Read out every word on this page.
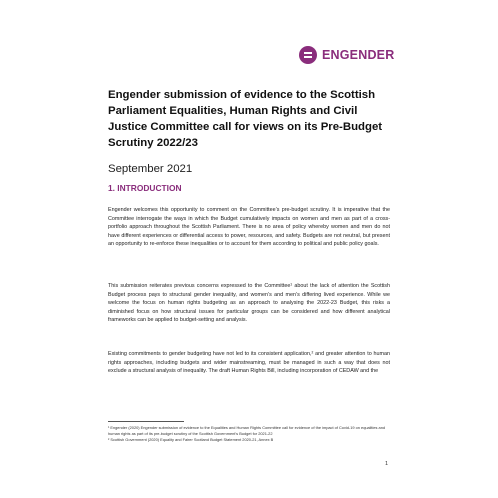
ENGENDER
Engender submission of evidence to the Scottish Parliament Equalities, Human Rights and Civil Justice Committee call for views on its Pre-Budget Scrutiny 2022/23

September 2021

1. INTRODUCTION

Engender welcomes this opportunity to comment on the Committee’s pre-budget scrutiny. It is imperative that the Committee interrogate the ways in which the Budget cumulatively impacts on women and men as part of a cross-portfolio approach throughout the Scottish Parliament. There is no area of policy whereby women and men do not have different experiences or differential access to power, resources, and safety. Budgets are not neutral, but present an opportunity to re-enforce these inequalities or to account for them according to political and public policy goals.

This submission reiterates previous concerns expressed to the Committee¹ about the lack of attention the Scottish Budget process pays to structural gender inequality, and women’s and men’s differing lived experience. While we welcome the focus on human rights budgeting as an approach to analysing the 2022-23 Budget, this risks a diminished focus on how structural issues for particular groups can be considered and how different analytical frameworks can be applied to budget-setting and analysis.

Existing commitments to gender budgeting have not led to its consistent application,² and greater attention to human rights approaches, including budgets and wider mainstreaming, must be managed in such a way that does not exclude a structural analysis of inequality. The draft Human Rights Bill, including incorporation of CEDAW and the

¹ Engender (2020) Engender submission of evidence to the Equalities and Human Rights Committee call for evidence of the impact of Covid-19 on equalities and human rights as part of its pre-budget scrutiny of the Scottish Government’s Budget for 2021-22

² Scottish Government (2020) Equality and Fairer Scotland Budget Statement 2020-21, Annex B

1
